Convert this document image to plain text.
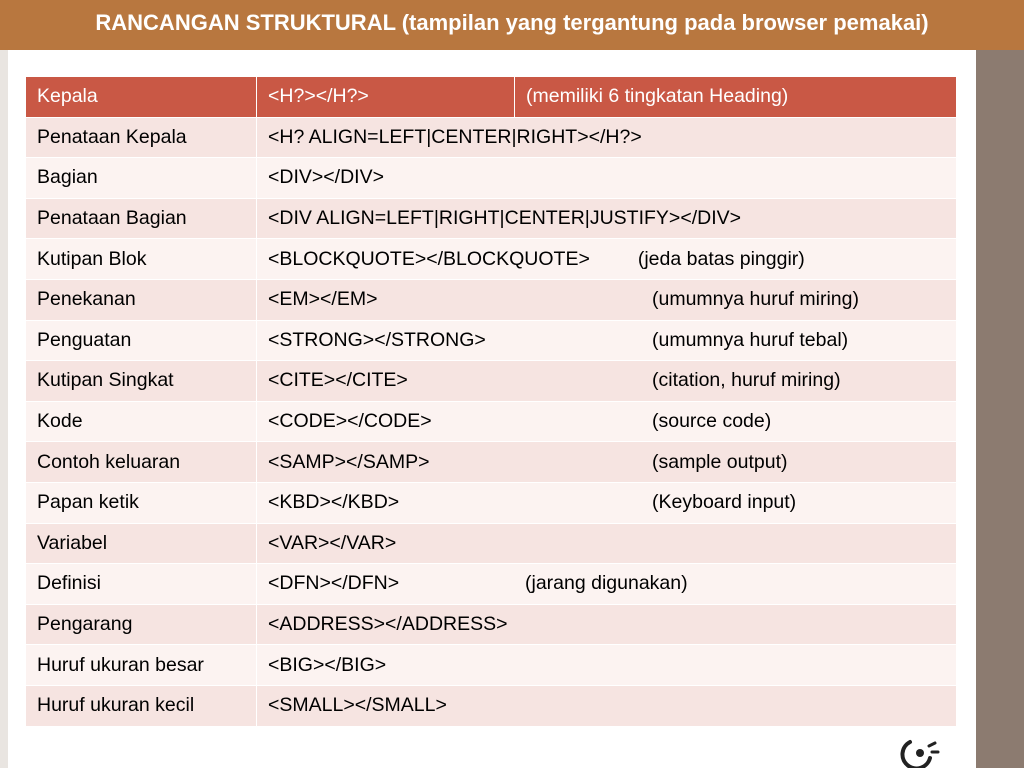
RANCANGAN STRUKTURAL (tampilan yang tergantung pada browser pemakai)
Kepala	<H?></H?>	(memiliki 6 tingkatan Heading)
Penataan Kepala	<H? ALIGN=LEFT|CENTER|RIGHT></H?>	
Bagian	<DIV></DIV>	
Penataan Bagian	<DIV ALIGN=LEFT|RIGHT|CENTER|JUSTIFY></DIV>	
Kutipan Blok	<BLOCKQUOTE></BLOCKQUOTE> (jeda batas pinggir)	
Penekanan	<EM></EM> (umumnya huruf miring)	
Penguatan	<STRONG></STRONG> (umumnya huruf tebal)	
Kutipan Singkat	<CITE></CITE> (citation, huruf miring)	
Kode	<CODE></CODE> (source code)	
Contoh keluaran	<SAMP></SAMP> (sample output)	
Papan ketik	<KBD></KBD> (Keyboard input)	
Variabel	<VAR></VAR>	
Definisi	<DFN></DFN> (jarang digunakan)	
Pengarang	<ADDRESS></ADDRESS>	
Huruf ukuran besar	<BIG></BIG>	
Huruf ukuran kecil	<SMALL></SMALL>	
